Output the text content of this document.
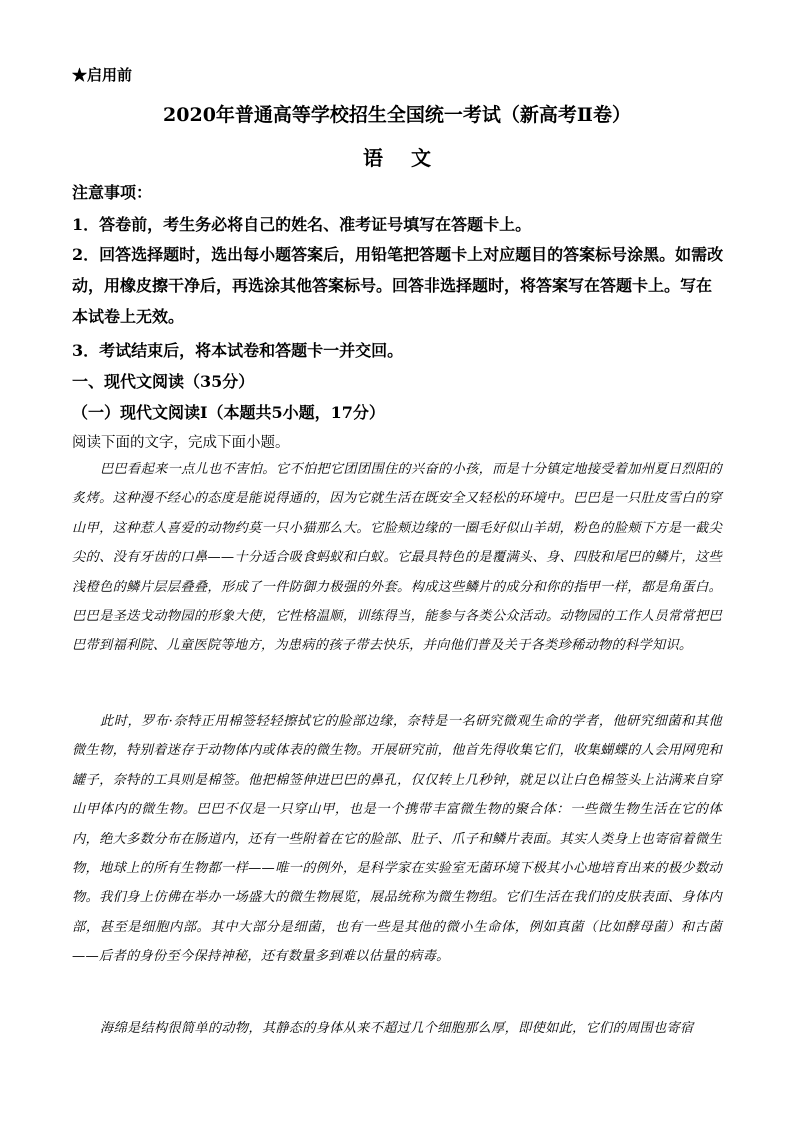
★启用前
2020年普通高等学校招生全国统一考试（新高考Ⅱ卷）
语文
注意事项：
1．答卷前，考生务必将自己的姓名、准考证号填写在答题卡上。
2．回答选择题时，选出每小题答案后，用铅笔把答题卡上对应题目的答案标号涂黑。如需改
动，用橡皮擦干净后，再选涂其他答案标号。回答非选择题时，将答案写在答题卡上。写在
本试卷上无效。
3．考试结束后，将本试卷和答题卡一并交回。
一、现代文阅读（35分）
（一）现代文阅读Ⅰ（本题共5小题，17分）
阅读下面的文字，完成下面小题。
巴巴看起来一点儿也不害怕。它不怕把它团团围住的兴奋的小孩，而是十分镇定地接受着加州夏日烈阳的炙烤。这种漫不经心的态度是能说得通的，因为它就生活在既安全又轻松的环境中。巴巴是一只肚皮雪白的穿山甲，这种惹人喜爱的动物约莫一只小猫那么大。它脸颊边缘的一圈毛好似山羊胡，粉色的脸颊下方是一截尖尖的、没有牙齿的口鼻——十分适合吸食蚂蚁和白蚁。它最具特色的是覆满头、身、四肢和尾巴的鳞片，这些浅橙色的鳞片层层叠叠，形成了一件防御力极强的外套。构成这些鳞片的成分和你的指甲一样，都是角蛋白。巴巴是圣迭戈动物园的形象大使，它性格温顺，训练得当，能参与各类公众活动。动物园的工作人员常常把巴巴带到福利院、儿童医院等地方，为患病的孩子带去快乐，并向他们普及关于各类珍稀动物的科学知识。
此时，罗布·奈特正用棉签轻轻擦拭它的脸部边缘，奈特是一名研究微观生命的学者，他研究细菌和其他微生物，特别着迷存于动物体内或体表的微生物。开展研究前，他首先得收集它们，收集蝴蝶的人会用网兜和罐子，奈特的工具则是棉签。他把棉签伸进巴巴的鼻孔，仅仅转上几秒钟，就足以让白色棉签头上沾满来自穿山甲体内的微生物。巴巴不仅是一只穿山甲，也是一个携带丰富微生物的聚合体：一些微生物生活在它的体内，绝大多数分布在肠道内，还有一些附着在它的脸部、肚子、爪子和鳞片表面。其实人类身上也寄宿着微生物，地球上的所有生物都一样——唯一的例外，是科学家在实验室无菌环境下极其小心地培育出来的极少数动物。我们身上仿佛在举办一场盛大的微生物展览，展品统称为微生物组。它们生活在我们的皮肤表面、身体内部，甚至是细胞内部。其中大部分是细菌，也有一些是其他的微小生命体，例如真菌（比如酵母菌）和古菌——后者的身份至今保持神秘，还有数量多到难以估量的病毒。
海绵是结构很简单的动物，其静态的身体从来不超过几个细胞那么厚，即使如此，它们的周围也寄宿
